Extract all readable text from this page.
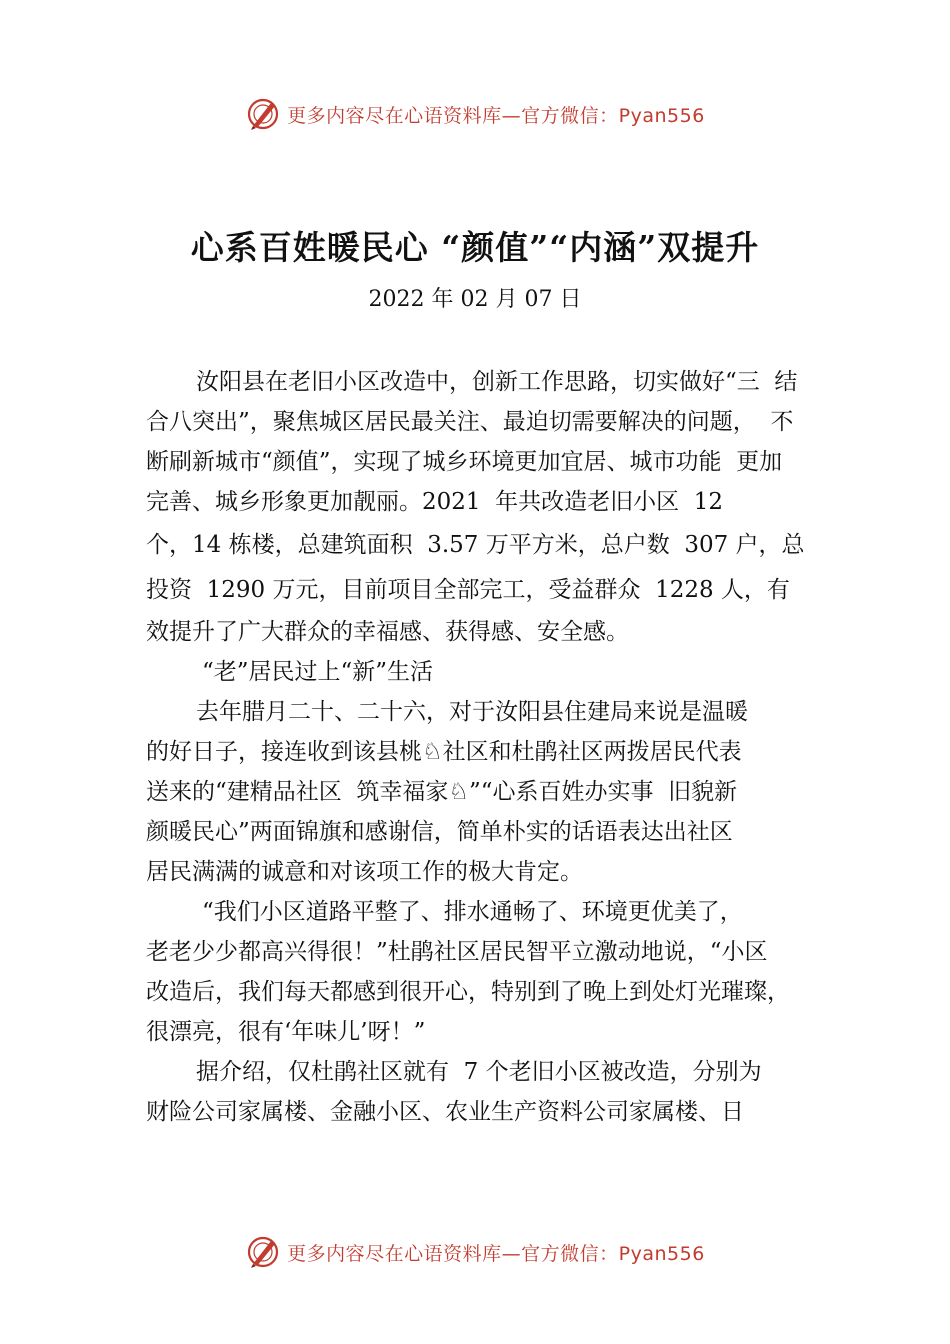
更多内容尽在心语资料库—官方微信：Pyan556
心系百姓暖民心 “颜值”“内涵”双提升
2022 年 02 月 07 日

汝阳县在老旧小区改造中，创新工作思路，切实做好“三  结

合八突出”，聚焦城区居民最关注、最迫切需要解决的问题，  不

断刷新城市“颜值”，实现了城乡环境更加宜居、城市功能  更加

完善、城乡形象更加靓丽。2021  年共改造老旧小区  12

个，14 栋楼，总建筑面积  3.57 万平方米，总户数  307 户，总

投资  1290 万元，目前项目全部完工，受益群众  1228 人，有

效提升了广大群众的幸福感、获得感、安全感。

“老”居民过上“新”生活

去年腊月二十、二十六，对于汝阳县住建局来说是温暖

的好日子，接连收到该县桃♘社区和杜鹃社区两拨居民代表

送来的“建精品社区  筑幸福家♘”“心系百姓办实事  旧貌新

颜暖民心”两面锦旗和感谢信，简单朴实的话语表达出社区

居民满满的诚意和对该项工作的极大肯定。

“我们小区道路平整了、排水通畅了、环境更优美了，

老老少少都高兴得很！”杜鹃社区居民智平立激动地说，“小区

改造后，我们每天都感到很开心，特别到了晚上到处灯光璀璨，

很漂亮，很有‘年味儿’呀！”

据介绍，仅杜鹃社区就有  7 个老旧小区被改造，分别为

财险公司家属楼、金融小区、农业生产资料公司家属楼、日

更多内容尽在心语资料库—官方微信：Pyan556
